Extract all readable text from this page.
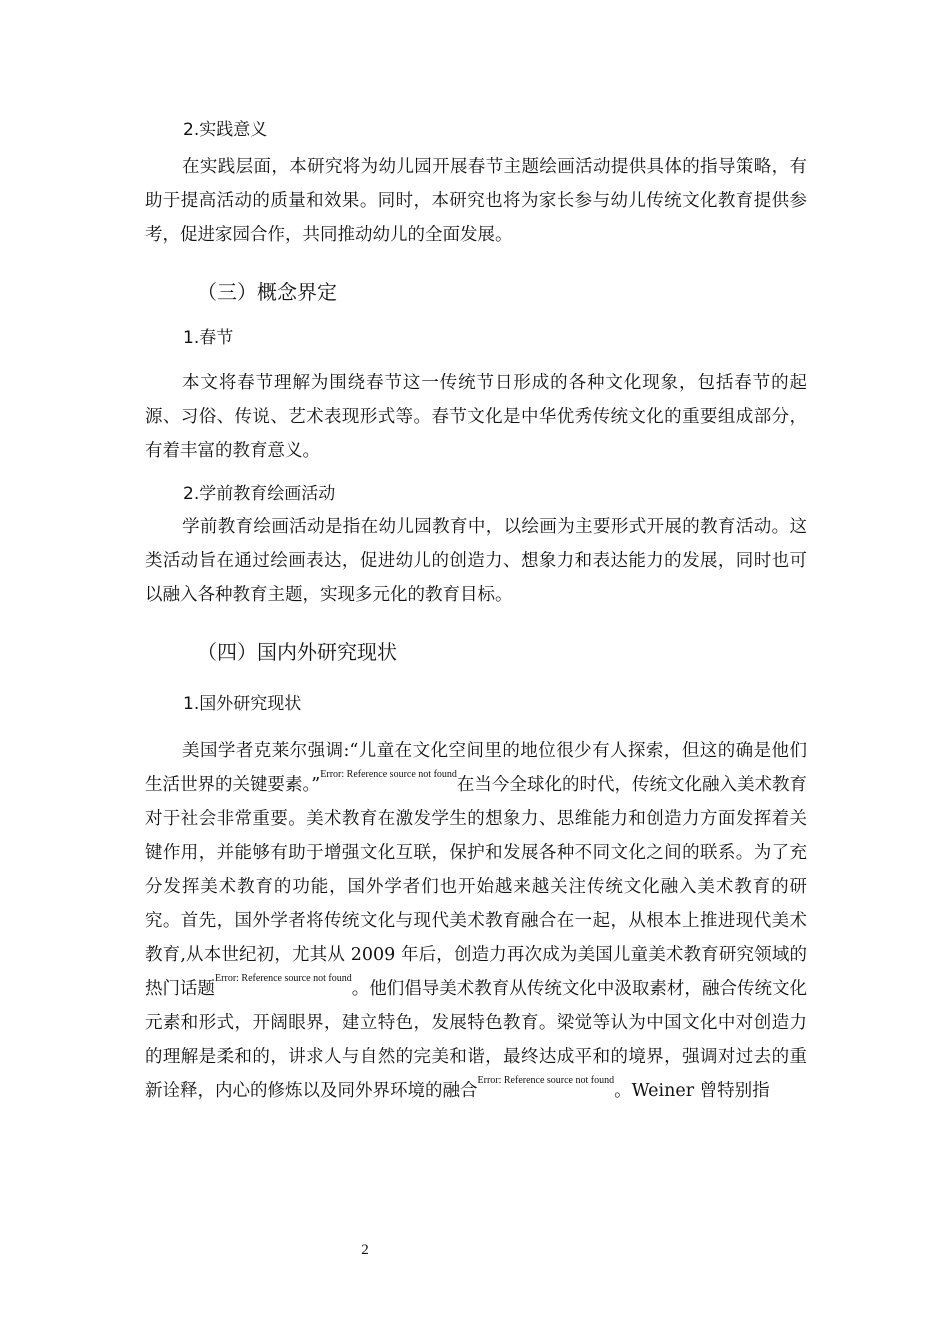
2.实践意义

在实践层面，本研究将为幼儿园开展春节主题绘画活动提供具体的指导策略，有助于提高活动的质量和效果。同时，本研究也将为家长参与幼儿传统文化教育提供参考，促进家园合作，共同推动幼儿的全面发展。

（三）概念界定

1.春节

本文将春节理解为围绕春节这一传统节日形成的各种文化现象，包括春节的起源、习俗、传说、艺术表现形式等。春节文化是中华优秀传统文化的重要组成部分，有着丰富的教育意义。

2.学前教育绘画活动

学前教育绘画活动是指在幼儿园教育中，以绘画为主要形式开展的教育活动。这类活动旨在通过绘画表达，促进幼儿的创造力、想象力和表达能力的发展，同时也可以融入各种教育主题，实现多元化的教育目标。

（四）国内外研究现状

1.国外研究现状

美国学者克莱尔强调:“儿童在文化空间里的地位很少有人探索，但这的确是他们生活世界的关键要素。”$^{Error: Reference source not found}$在当今全球化的时代，传统文化融入美术教育对于社会非常重要。美术教育在激发学生的想象力、思维能力和创造力方面发挥着关键作用，并能够有助于增强文化互联，保护和发展各种不同文化之间的联系。为了充分发挥美术教育的功能，国外学者们也开始越来越关注传统文化融入美术教育的研究。首先，国外学者将传统文化与现代美术教育融合在一起，从根本上推进现代美术教育,从本世纪初，尤其从 2009 年后，创造力再次成为美国儿童美术教育研究领域的热门话题$^{Error: Reference source not found}$。他们倡导美术教育从传统文化中汲取素材，融合传统文化元素和形式，开阔眼界，建立特色，发展特色教育。梁觉等认为中国文化中对创造力的理解是柔和的，讲求人与自然的完美和谐，最终达成平和的境界，强调对过去的重新诠释，内心的修炼以及同外界环境的融合$^{Error: Reference source not found}$。Weiner 曾特别指

2
